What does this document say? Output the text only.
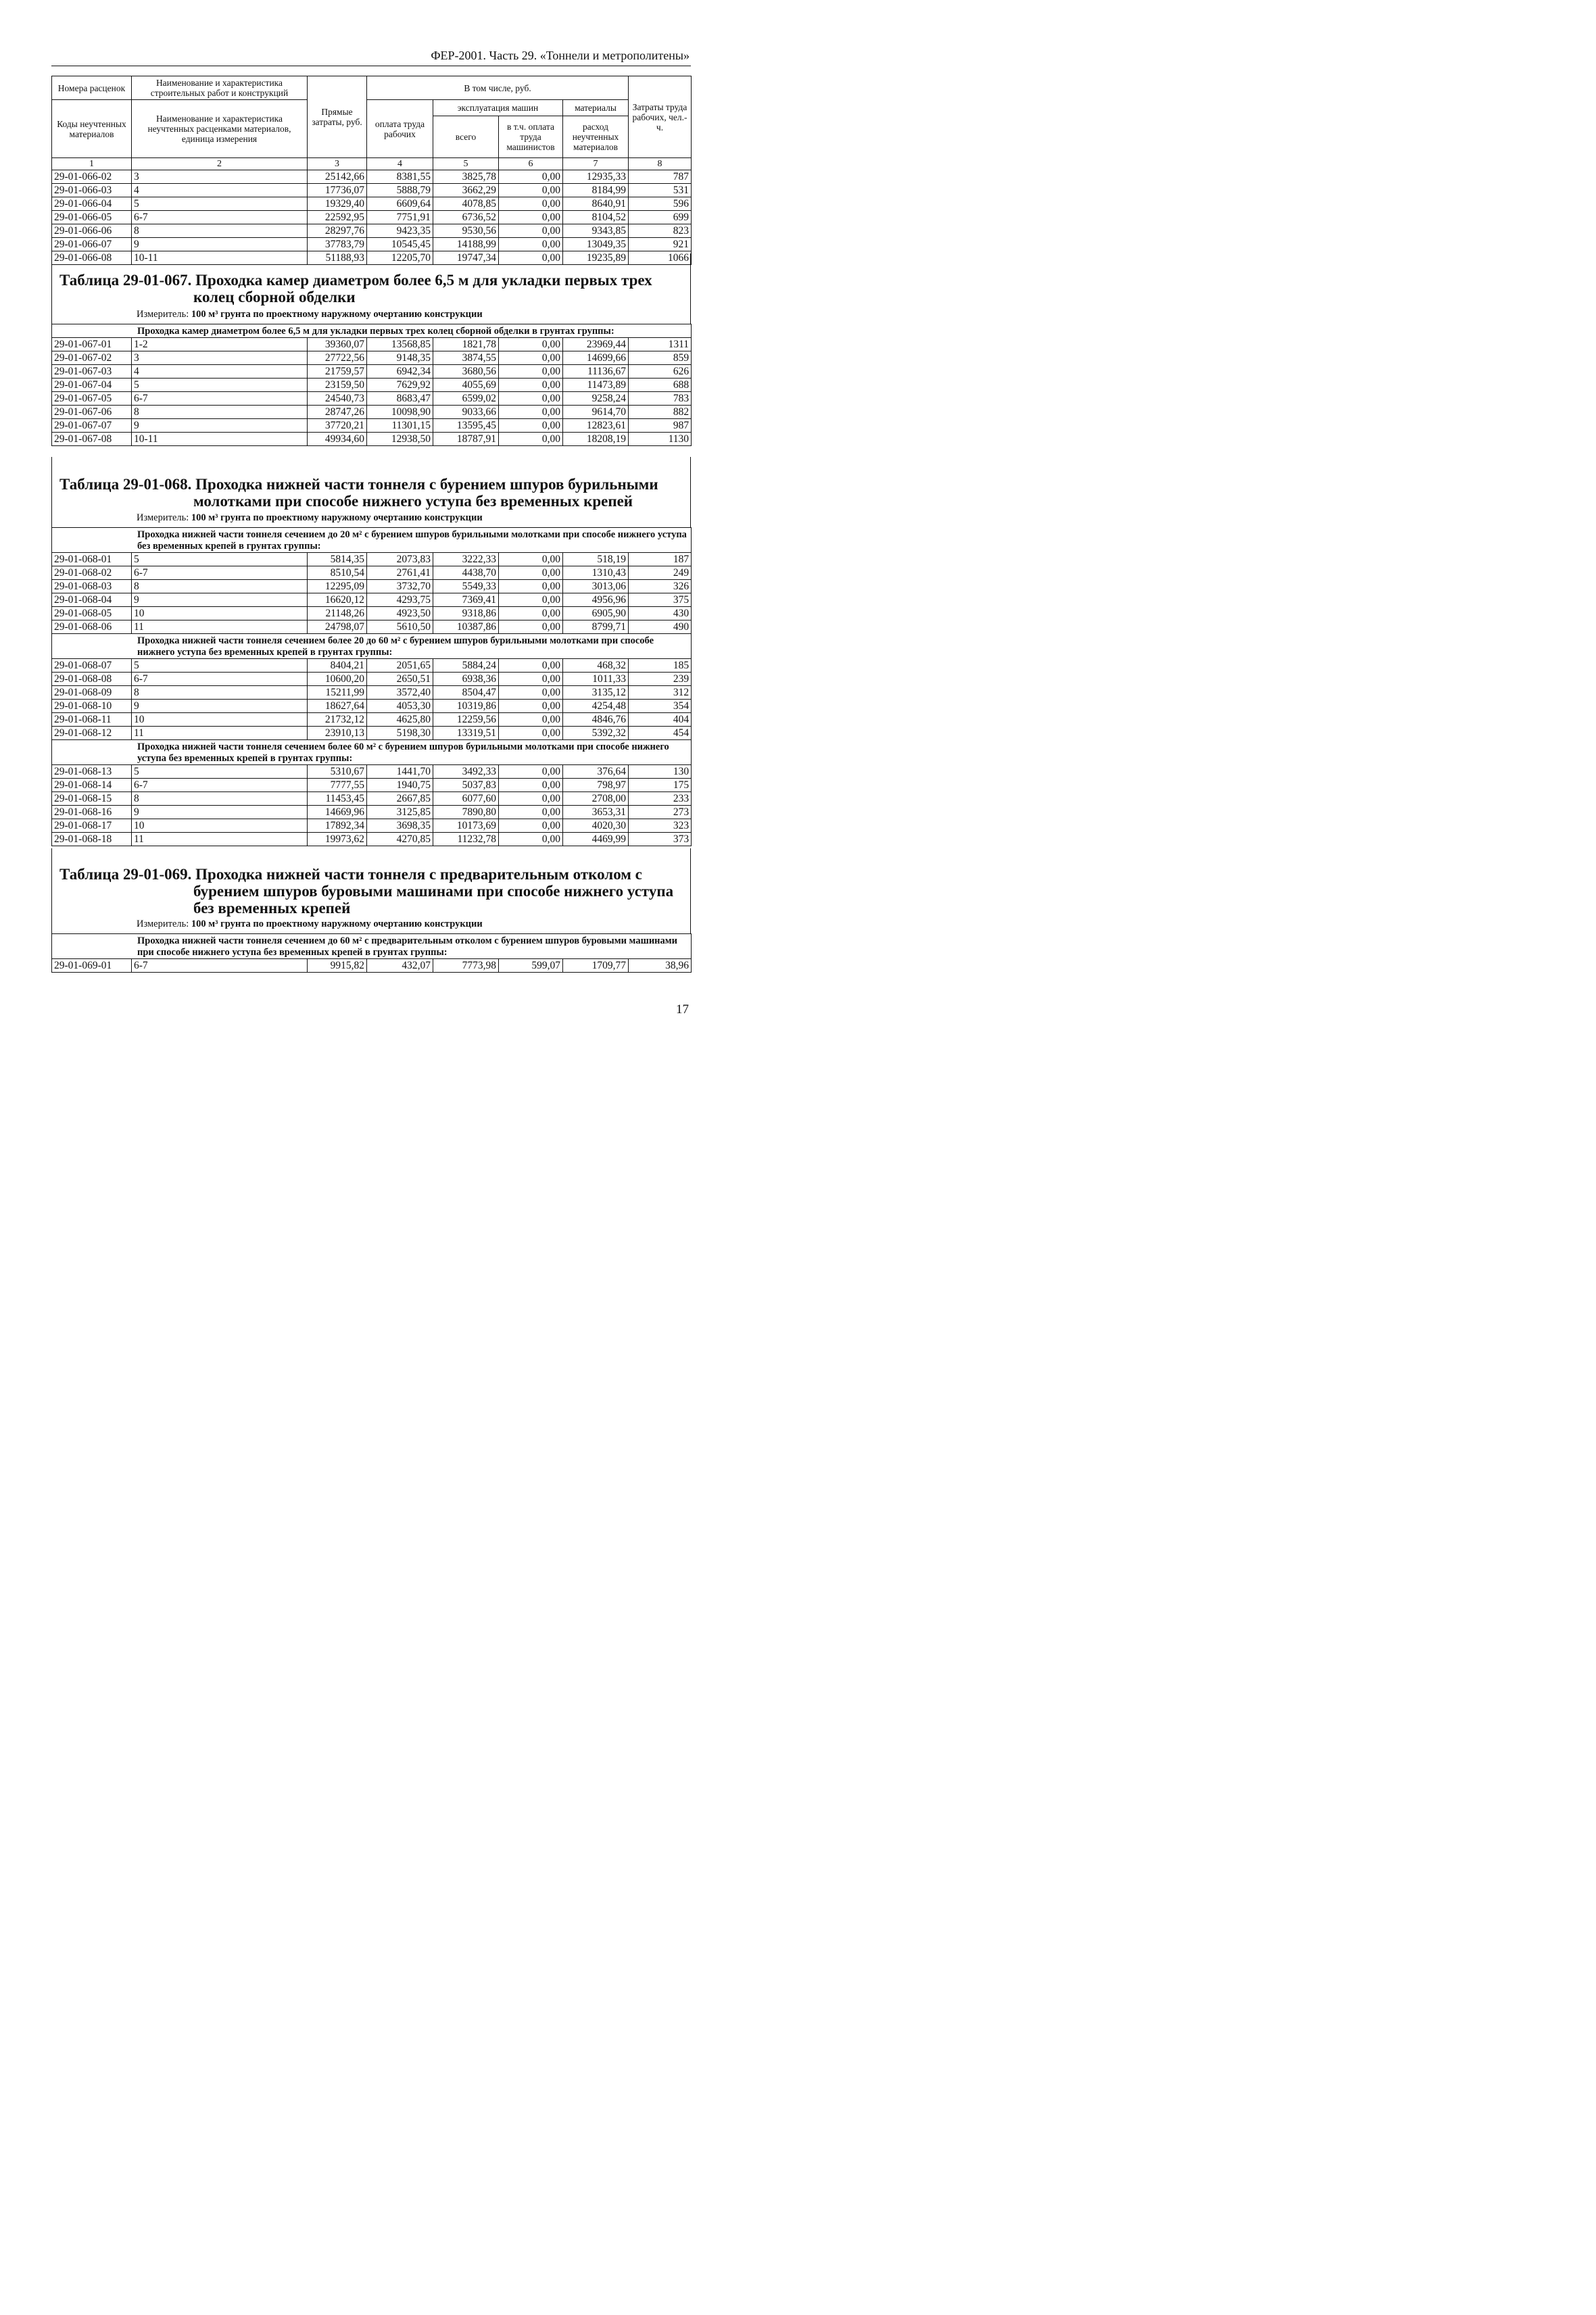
ФЕР-2001. Часть 29. «Тоннели и метрополитены»
Номера расценок	Наименование и характеристика строительных работ и конструкций	Прямые затраты, руб.	В том числе, руб.				Затраты труда рабочих, чел.-ч.
Коды неучтенных материалов	Наименование и характеристика неучтенных расценками материалов, единица измерения		оплата труда рабочих	эксплуатация машин		материалы	
				всего	в т.ч. оплата труда машинистов	расход неучтенных материалов	
1	2	3	4	5	6	7	8
29-01-066-02	3	25142,66	8381,55	3825,78	0,00	12935,33	787
29-01-066-03	4	17736,07	5888,79	3662,29	0,00	8184,99	531
29-01-066-04	5	19329,40	6609,64	4078,85	0,00	8640,91	596
29-01-066-05	6-7	22592,95	7751,91	6736,52	0,00	8104,52	699
29-01-066-06	8	28297,76	9423,35	9530,56	0,00	9343,85	823
29-01-066-07	9	37783,79	10545,45	14188,99	0,00	13049,35	921
29-01-066-08	10-11	51188,93	12205,70	19747,34	0,00	19235,89	1066
Таблица 29-01-067. Проходка камер диаметром более 6,5 м для укладки первых трех
колец сборной обделки
Измеритель: 100 м³ грунта по проектному наружному очертанию конструкции
Проходка камер диаметром более 6,5 м для укладки первых трех колец сборной обделки в грунтах группы:							
29-01-067-01	1-2	39360,07	13568,85	1821,78	0,00	23969,44	1311
29-01-067-02	3	27722,56	9148,35	3874,55	0,00	14699,66	859
29-01-067-03	4	21759,57	6942,34	3680,56	0,00	11136,67	626
29-01-067-04	5	23159,50	7629,92	4055,69	0,00	11473,89	688
29-01-067-05	6-7	24540,73	8683,47	6599,02	0,00	9258,24	783
29-01-067-06	8	28747,26	10098,90	9033,66	0,00	9614,70	882
29-01-067-07	9	37720,21	11301,15	13595,45	0,00	12823,61	987
29-01-067-08	10-11	49934,60	12938,50	18787,91	0,00	18208,19	1130
Таблица 29-01-068. Проходка нижней части тоннеля с бурением шпуров бурильными
молотками при способе нижнего уступа без временных крепей
Измеритель: 100 м³ грунта по проектному наружному очертанию конструкции
Проходка нижней части тоннеля сечением до 20 м² с бурением шпуров бурильными молотками при способе нижнего уступа без временных крепей в грунтах группы:							
29-01-068-01	5	5814,35	2073,83	3222,33	0,00	518,19	187
29-01-068-02	6-7	8510,54	2761,41	4438,70	0,00	1310,43	249
29-01-068-03	8	12295,09	3732,70	5549,33	0,00	3013,06	326
29-01-068-04	9	16620,12	4293,75	7369,41	0,00	4956,96	375
29-01-068-05	10	21148,26	4923,50	9318,86	0,00	6905,90	430
29-01-068-06	11	24798,07	5610,50	10387,86	0,00	8799,71	490
Проходка нижней части тоннеля сечением более 20 до 60 м² с бурением шпуров бурильными молотками при способе нижнего уступа без временных крепей в грунтах группы:							
29-01-068-07	5	8404,21	2051,65	5884,24	0,00	468,32	185
29-01-068-08	6-7	10600,20	2650,51	6938,36	0,00	1011,33	239
29-01-068-09	8	15211,99	3572,40	8504,47	0,00	3135,12	312
29-01-068-10	9	18627,64	4053,30	10319,86	0,00	4254,48	354
29-01-068-11	10	21732,12	4625,80	12259,56	0,00	4846,76	404
29-01-068-12	11	23910,13	5198,30	13319,51	0,00	5392,32	454
Проходка нижней части тоннеля сечением более 60 м² с бурением шпуров бурильными молотками при способе нижнего уступа без временных крепей в грунтах группы:							
29-01-068-13	5	5310,67	1441,70	3492,33	0,00	376,64	130
29-01-068-14	6-7	7777,55	1940,75	5037,83	0,00	798,97	175
29-01-068-15	8	11453,45	2667,85	6077,60	0,00	2708,00	233
29-01-068-16	9	14669,96	3125,85	7890,80	0,00	3653,31	273
29-01-068-17	10	17892,34	3698,35	10173,69	0,00	4020,30	323
29-01-068-18	11	19973,62	4270,85	11232,78	0,00	4469,99	373
Таблица 29-01-069. Проходка нижней части тоннеля с предварительным отколом с
бурением шпуров буровыми машинами при способе нижнего уступа
без временных крепей
Измеритель: 100 м³ грунта по проектному наружному очертанию конструкции
Проходка нижней части тоннеля сечением до 60 м² с предварительным отколом с бурением шпуров буровыми машинами при способе нижнего уступа без временных крепей в грунтах группы:
29-01-069-01	6-7	9915,82	432,07	7773,98	599,07	1709,77	38,96
17
